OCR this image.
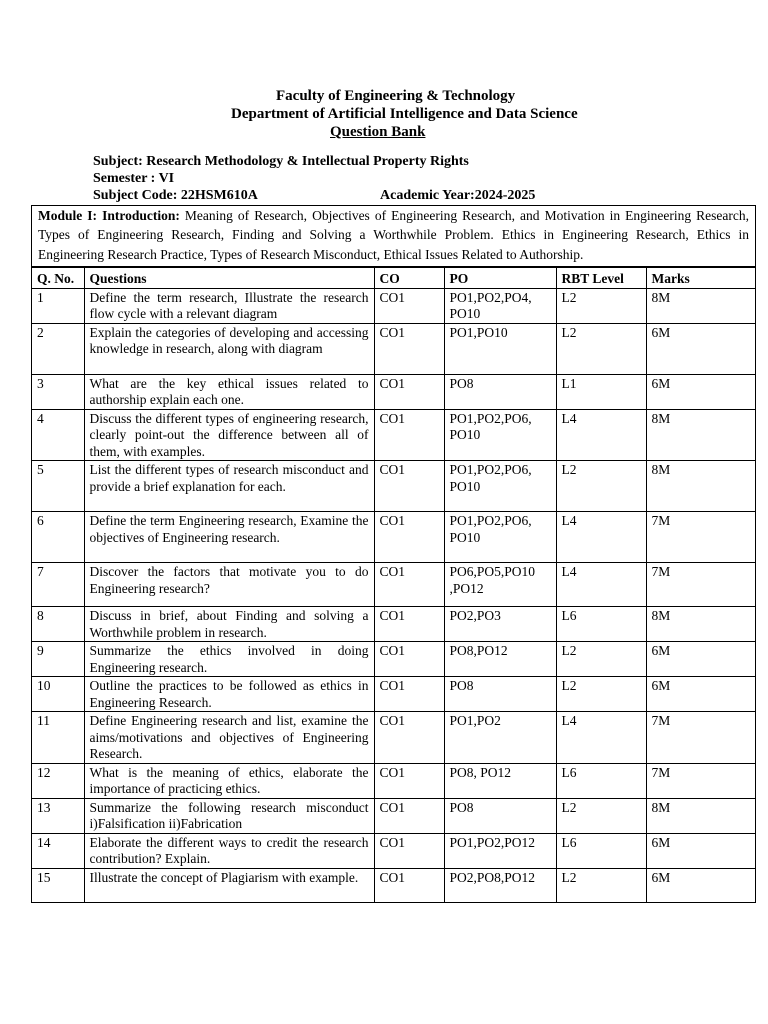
Faculty of Engineering & Technology
Department of Artificial Intelligence and Data Science
Question Bank
Subject: Research Methodology & Intellectual Property Rights
Semester : VI
Subject Code: 22HSM610A	Academic Year:2024-2025
Module I: Introduction: Meaning of Research, Objectives of Engineering Research, and Motivation in Engineering Research, Types of Engineering Research, Finding and Solving a Worthwhile Problem. Ethics in Engineering Research, Ethics in Engineering Research Practice, Types of Research Misconduct, Ethical Issues Related to Authorship.
Q. No.	Questions	CO	PO	RBT Level	Marks
1	Define the term research, Illustrate the research flow cycle with a relevant diagram	CO1	PO1,PO2,PO4, PO10	L2	8M
2	Explain the categories of developing and accessing knowledge in research, along with diagram	CO1	PO1,PO10	L2	6M
3	What are the key ethical issues related to authorship explain each one.	CO1	PO8	L1	6M
4	Discuss the different types of engineering research, clearly point-out the difference between all of them, with examples.	CO1	PO1,PO2,PO6, PO10	L4	8M
5	List the different types of research misconduct and provide a brief explanation for each.	CO1	PO1,PO2,PO6, PO10	L2	8M
6	Define the term Engineering research, Examine the objectives of Engineering research.	CO1	PO1,PO2,PO6, PO10	L4	7M
7	Discover the factors that motivate you to do Engineering research?	CO1	PO6,PO5,PO10 ,PO12	L4	7M
8	Discuss in brief, about Finding and solving a Worthwhile problem in research.	CO1	PO2,PO3	L6	8M
9	Summarize the ethics involved in doing Engineering research.	CO1	PO8,PO12	L2	6M
10	Outline the practices to be followed as ethics in Engineering Research.	CO1	PO8	L2	6M
11	Define Engineering research and list, examine the aims/motivations and objectives of Engineering Research.	CO1	PO1,PO2	L4	7M
12	What is the meaning of ethics, elaborate the importance of practicing ethics.	CO1	PO8, PO12	L6	7M
13	Summarize the following research misconduct i)Falsification ii)Fabrication	CO1	PO8	L2	8M
14	Elaborate the different ways to credit the research contribution? Explain.	CO1	PO1,PO2,PO12	L6	6M
15	Illustrate the concept of Plagiarism with example.	CO1	PO2,PO8,PO12	L2	6M
